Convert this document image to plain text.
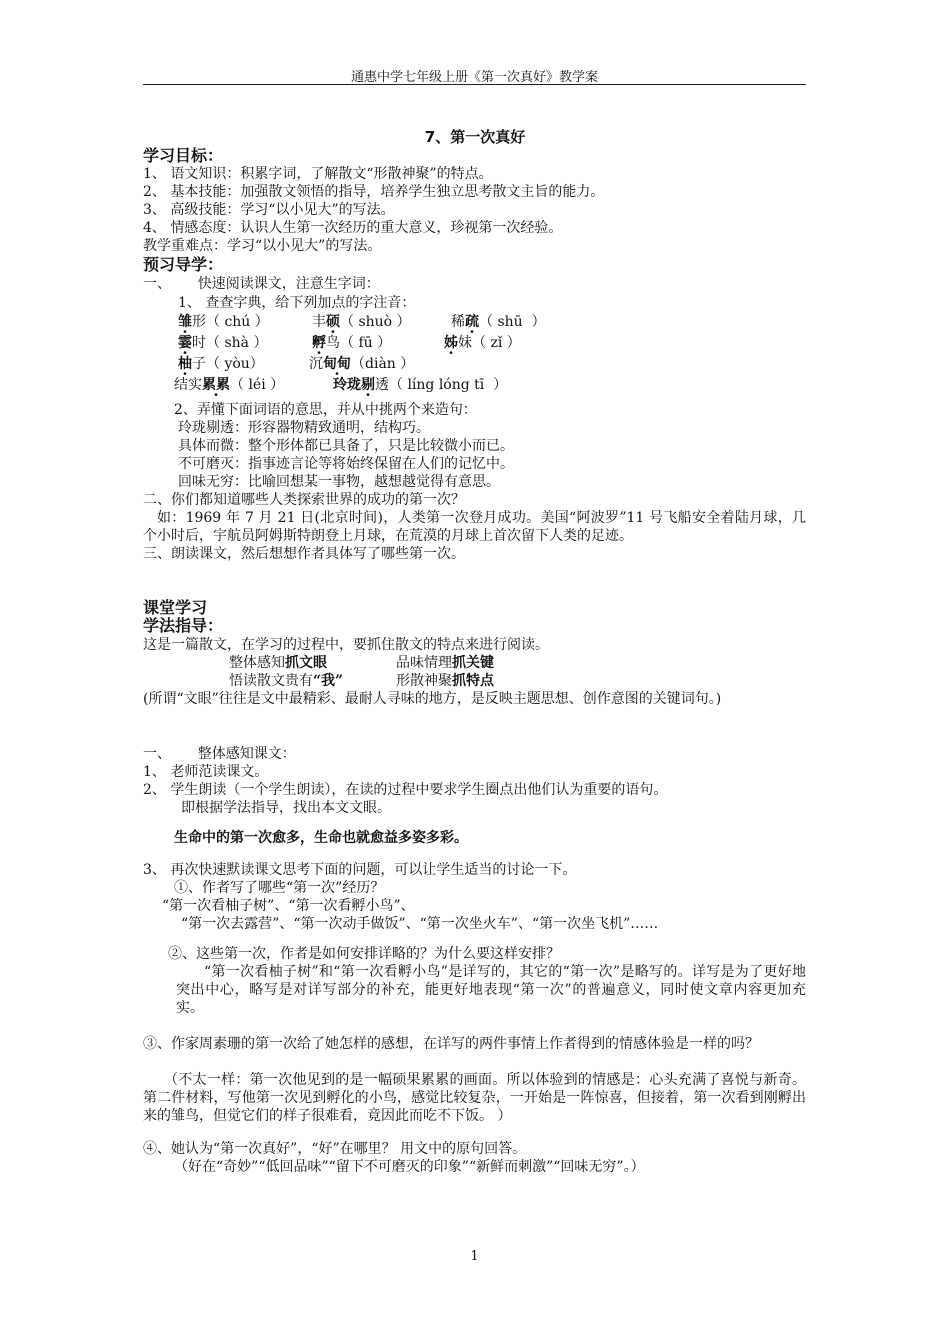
通惠中学七年级上册《第一次真好》教学案
7、第一次真好
学习目标：
1、 语文知识：积累字词，了解散文“形散神聚”的特点。
2、 基本技能：加强散文领悟的指导，培养学生独立思考散文主旨的能力。
3、 高级技能：学习“以小见大”的写法。
4、 情感态度：认识人生第一次经历的重大意义，珍视第一次经验。
教学重难点：学习“以小见大”的写法。
预习导学：
一、      快速阅读课文，注意生字词：
1、 查查字典，给下列加点的字注音：
雏形（ chú ）	丰硕（ shuò ）	稀疏（ shū  ）
霎时（ shà ）	孵鸟（ fū ）	姊妹（ zǐ ）
柚子（ yòu）	沉甸甸（diàn ）
结实累累（ léi ）	玲珑剔透（ líng lóng tī  ）
2、弄懂下面词语的意思，并从中挑两个来造句：
玲珑剔透：形容器物精致通明，结构巧。
具体而微：整个形体都已具备了，只是比较微小而已。
不可磨灭：指事迹言论等将始终保留在人们的记忆中。
回味无穷：比喻回想某一事物，越想越觉得有意思。
二、你们都知道哪些人类探索世界的成功的第一次？
如：1969 年 7 月 21 日(北京时间)，人类第一次登月成功。美国“阿波罗”11 号飞船安全着陆月球，几个小时后，宇航员阿姆斯特朗登上月球，在荒漠的月球上首次留下人类的足迹。
三、朗读课文，然后想想作者具体写了哪些第一次。
课堂学习
学法指导：
这是一篇散文，在学习的过程中，要抓住散文的特点来进行阅读。
整体感知抓文眼	品味情理抓关键
悟读散文贵有“我”	形散神聚抓特点
(所谓“文眼”往往是文中最精彩、最耐人寻味的地方，是反映主题思想、创作意图的关键词句。)
一、      整体感知课文：
1、 老师范读课文。
2、 学生朗读（一个学生朗读），在读的过程中要求学生圈点出他们认为重要的语句。
即根据学法指导，找出本文文眼。
生命中的第一次愈多，生命也就愈益多姿多彩。
3、 再次快速默读课文思考下面的问题，可以让学生适当的讨论一下。
①、作者写了哪些“第一次”经历？
“第一次看柚子树”、“第一次看孵小鸟”、
“第一次去露营”、“第一次动手做饭”、“第一次坐火车”、“第一次坐飞机”……
②、这些第一次，作者是如何安排详略的？为什么要这样安排？
“第一次看柚子树”和“第一次看孵小鸟”是详写的，其它的“第一次”是略写的。详写是为了更好地突出中心，略写是对详写部分的补充，能更好地表现“第一次”的普遍意义，同时使文章内容更加充实。
③、作家周素珊的第一次给了她怎样的感想，在详写的两件事情上作者得到的情感体验是一样的吗？
（不太一样：第一次他见到的是一幅硕果累累的画面。所以体验到的情感是：心头充满了喜悦与新奇。第二件材料，写他第一次见到孵化的小鸟，感觉比较复杂，一开始是一阵惊喜，但接着，第一次看到刚孵出来的雏鸟，但觉它们的样子很难看，竟因此而吃不下饭。 ）
④、她认为“第一次真好”，“好”在哪里？ 用文中的原句回答。
（好在“奇妙”“低回品味”“留下不可磨灭的印象”“新鲜而刺激”“回味无穷”。）
1
